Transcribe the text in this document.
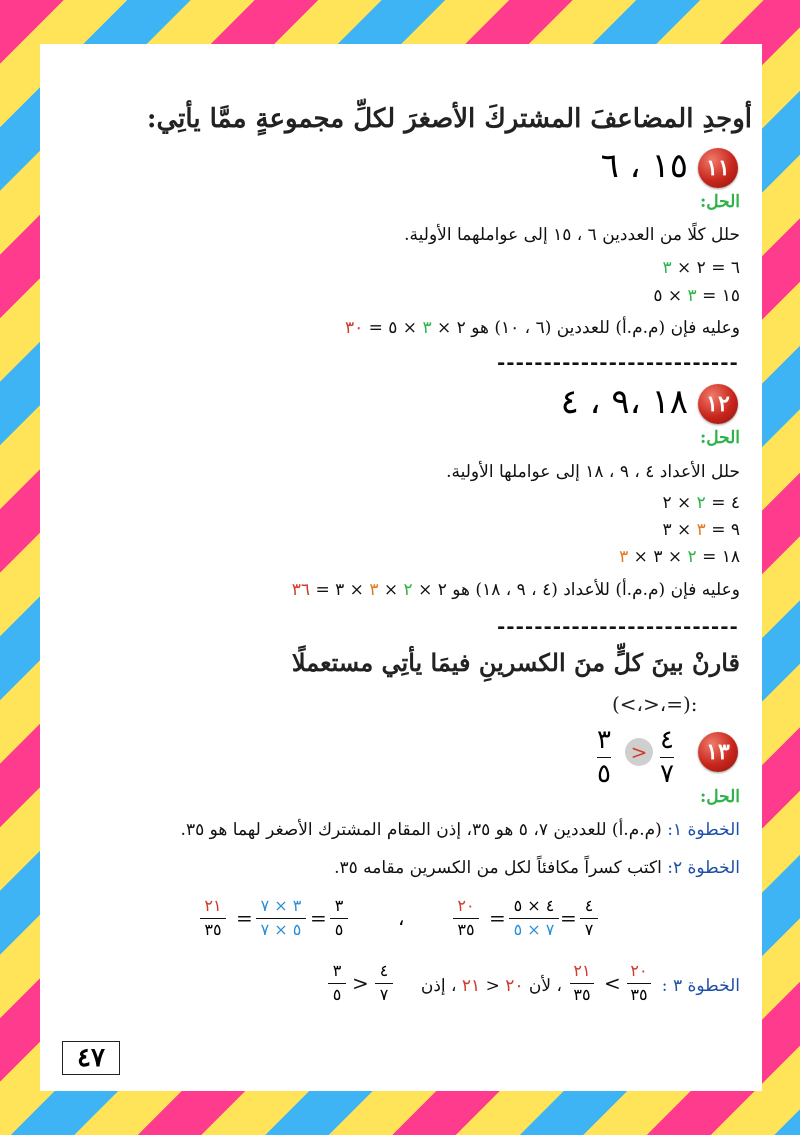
أوجدِ المضاعفَ المشتركَ الأصغرَ لكلِّ مجموعةٍ ممَّا يأتِي:
١١
١٥ ، ٦
الحل:
حلل كلًا من العددين ٦ ، ١٥ إلى عواملهما الأولية.
٦ = ٢ × ٣
١٥ = ٣ × ٥
وعليه فإن (م.م.أ) للعددين (٦ ، ١٠) هو ٢ × ٣ × ٥ = ٣٠
--------------------------
١٢
١٨ ،٩ ، ٤
الحل:
حلل الأعداد ٤ ، ٩ ، ١٨ إلى عواملها الأولية.
٤ = ٢ × ٢
٩ = ٣ × ٣
١٨ = ٢ × ٣ × ٣
وعليه فإن (م.م.أ) للأعداد (٤ ، ٩ ، ١٨) هو ٢ × ٢ × ٣ × ٣ = ٣٦
--------------------------
قارنْ بينَ كلٍّ منَ الكسرينِ فيمَا يأتِي مستعملًا
(<،>،=):
١٣
٤
٧
>
٣
٥
الحل:
الخطوة ١: (م.م.أ) للعددين ٧، ٥ هو ٣٥، إذن المقام المشترك الأصغر لهما هو ٣٥.
الخطوة ٢: اكتب كسراً مكافئاً لكل من الكسرين مقامه ٣٥.
٤
٧
=
٤ × ٥
٧ × ٥
=
٢٠
٣٥
،
٣
٥
=
٣ × ٧
٥ × ٧
=
٢١
٣٥
الخطوة ٣ :
٢٠
٣٥
<
٢١
٣٥
، لأن ٢٠ < ٢١ ، إذن
٤
٧
>
٣
٥
٤٧
